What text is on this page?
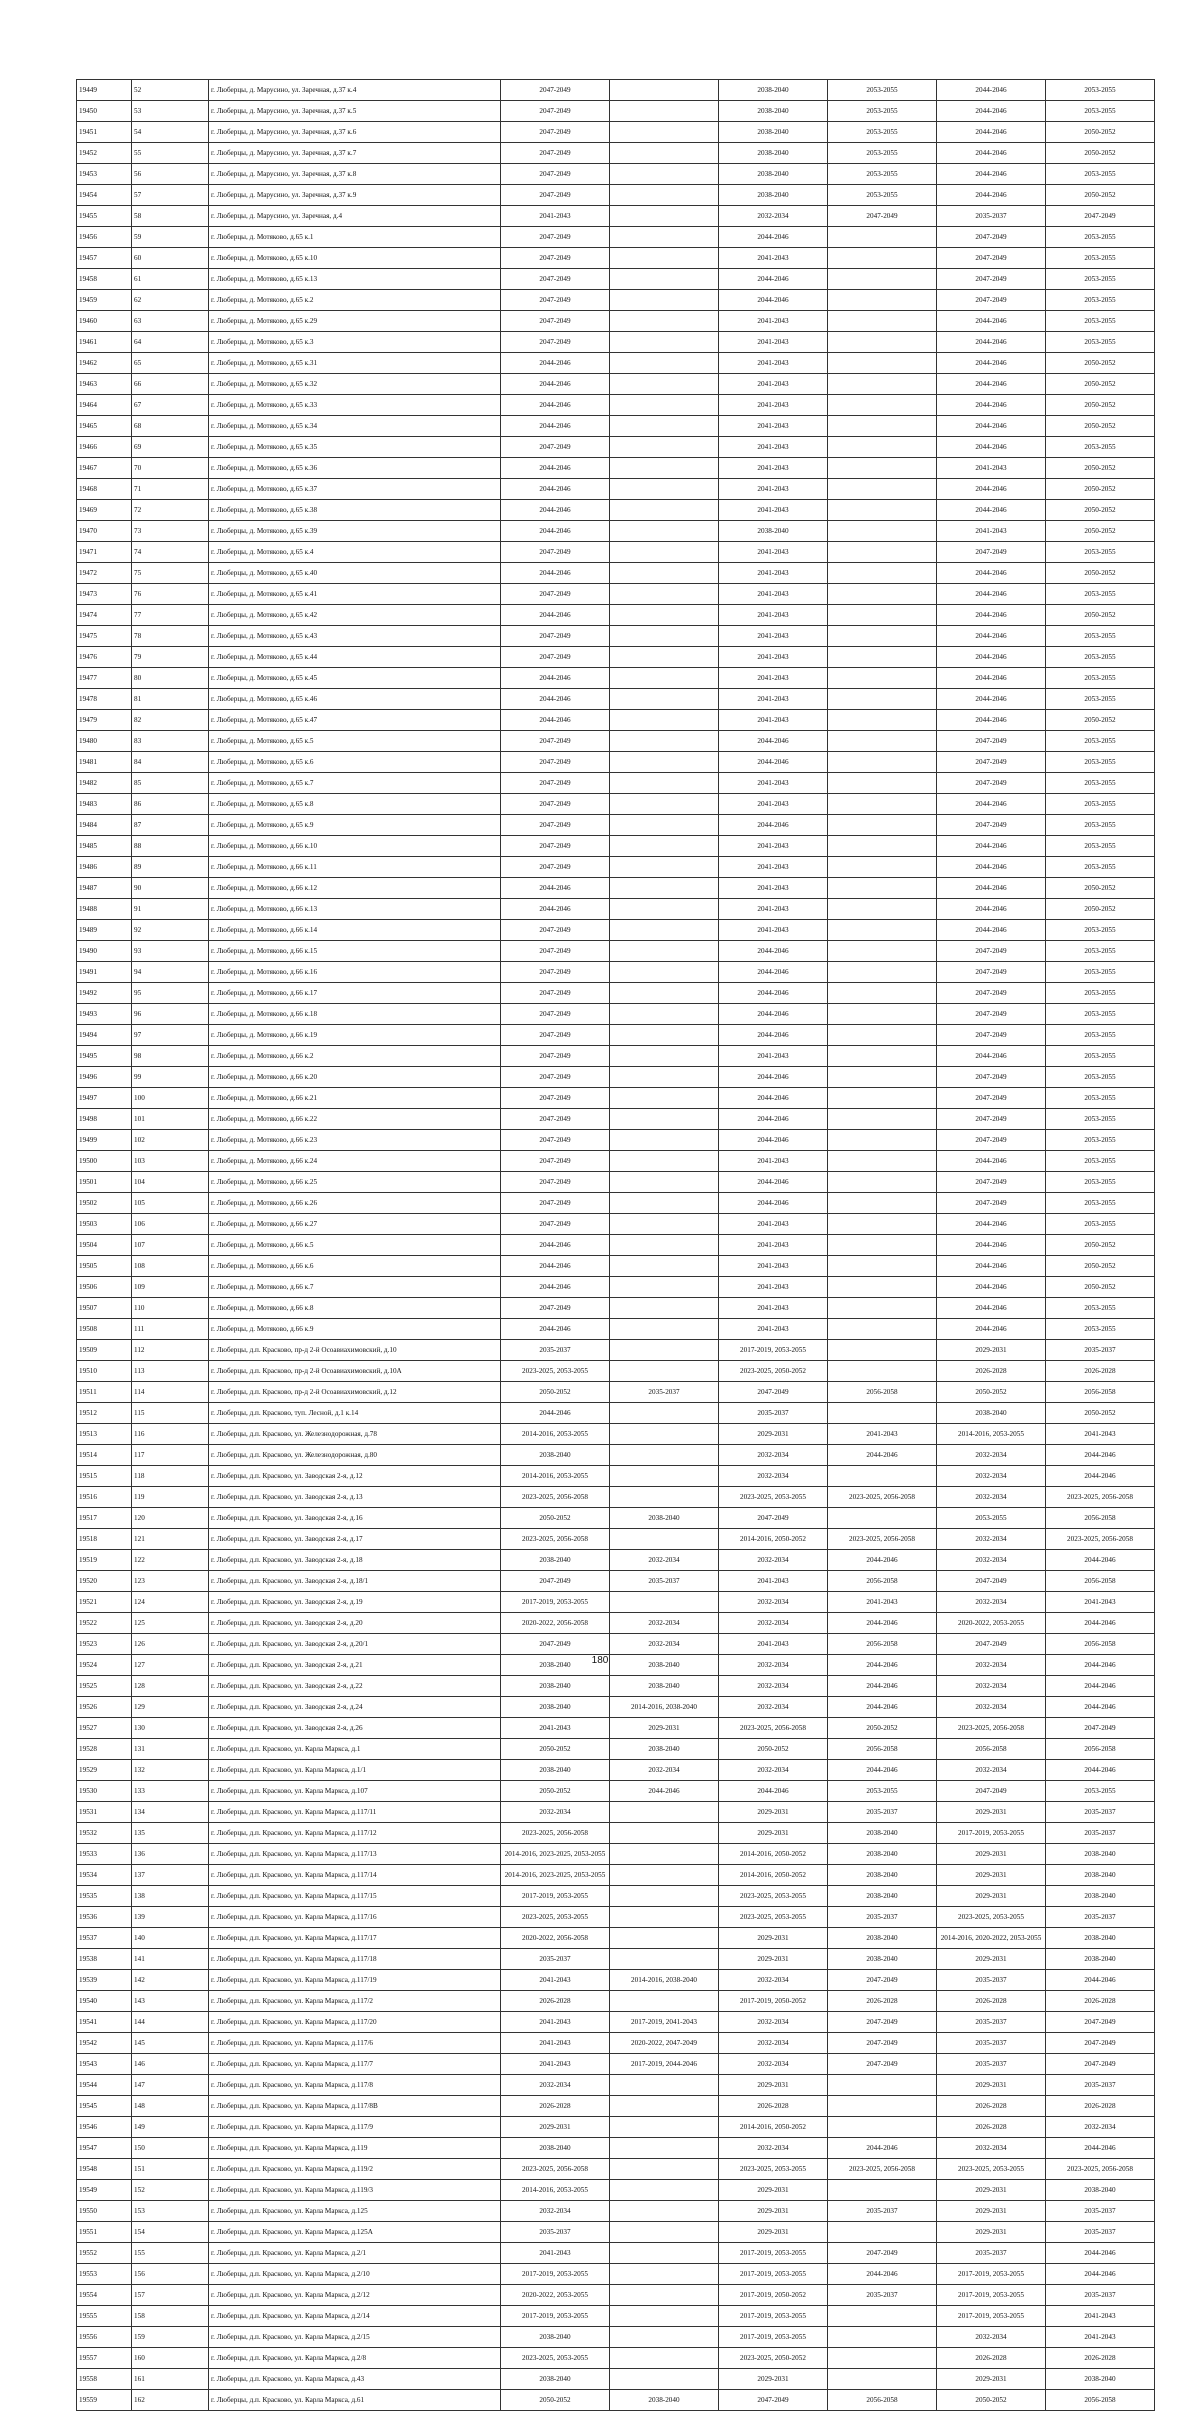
19449	52	г. Люберцы, д. Марусино, ул. Заречная, д.37 к.4	2047-2049		2038-2040	2053-2055	2044-2046	2053-2055
19450	53	г. Люберцы, д. Марусино, ул. Заречная, д.37 к.5	2047-2049		2038-2040	2053-2055	2044-2046	2053-2055
19451	54	г. Люберцы, д. Марусино, ул. Заречная, д.37 к.6	2047-2049		2038-2040	2053-2055	2044-2046	2050-2052
19452	55	г. Люберцы, д. Марусино, ул. Заречная, д.37 к.7	2047-2049		2038-2040	2053-2055	2044-2046	2050-2052
19453	56	г. Люберцы, д. Марусино, ул. Заречная, д.37 к.8	2047-2049		2038-2040	2053-2055	2044-2046	2053-2055
19454	57	г. Люберцы, д. Марусино, ул. Заречная, д.37 к.9	2047-2049		2038-2040	2053-2055	2044-2046	2050-2052
19455	58	г. Люберцы, д. Марусино, ул. Заречная, д.4	2041-2043		2032-2034	2047-2049	2035-2037	2047-2049
19456	59	г. Люберцы, д. Мотяково, д.65 к.1	2047-2049		2044-2046		2047-2049	2053-2055
19457	60	г. Люберцы, д. Мотяково, д.65 к.10	2047-2049		2041-2043		2047-2049	2053-2055
19458	61	г. Люберцы, д. Мотяково, д.65 к.13	2047-2049		2044-2046		2047-2049	2053-2055
19459	62	г. Люберцы, д. Мотяково, д.65 к.2	2047-2049		2044-2046		2047-2049	2053-2055
19460	63	г. Люберцы, д. Мотяково, д.65 к.29	2047-2049		2041-2043		2044-2046	2053-2055
19461	64	г. Люберцы, д. Мотяково, д.65 к.3	2047-2049		2041-2043		2044-2046	2053-2055
19462	65	г. Люберцы, д. Мотяково, д.65 к.31	2044-2046		2041-2043		2044-2046	2050-2052
19463	66	г. Люберцы, д. Мотяково, д.65 к.32	2044-2046		2041-2043		2044-2046	2050-2052
19464	67	г. Люберцы, д. Мотяково, д.65 к.33	2044-2046		2041-2043		2044-2046	2050-2052
19465	68	г. Люберцы, д. Мотяково, д.65 к.34	2044-2046		2041-2043		2044-2046	2050-2052
19466	69	г. Люберцы, д. Мотяково, д.65 к.35	2047-2049		2041-2043		2044-2046	2053-2055
19467	70	г. Люберцы, д. Мотяково, д.65 к.36	2044-2046		2041-2043		2041-2043	2050-2052
19468	71	г. Люберцы, д. Мотяково, д.65 к.37	2044-2046		2041-2043		2044-2046	2050-2052
19469	72	г. Люберцы, д. Мотяково, д.65 к.38	2044-2046		2041-2043		2044-2046	2050-2052
19470	73	г. Люберцы, д. Мотяково, д.65 к.39	2044-2046		2038-2040		2041-2043	2050-2052
19471	74	г. Люберцы, д. Мотяково, д.65 к.4	2047-2049		2041-2043		2047-2049	2053-2055
19472	75	г. Люберцы, д. Мотяково, д.65 к.40	2044-2046		2041-2043		2044-2046	2050-2052
19473	76	г. Люберцы, д. Мотяково, д.65 к.41	2047-2049		2041-2043		2044-2046	2053-2055
19474	77	г. Люберцы, д. Мотяково, д.65 к.42	2044-2046		2041-2043		2044-2046	2050-2052
19475	78	г. Люберцы, д. Мотяково, д.65 к.43	2047-2049		2041-2043		2044-2046	2053-2055
19476	79	г. Люберцы, д. Мотяково, д.65 к.44	2047-2049		2041-2043		2044-2046	2053-2055
19477	80	г. Люберцы, д. Мотяково, д.65 к.45	2044-2046		2041-2043		2044-2046	2053-2055
19478	81	г. Люберцы, д. Мотяково, д.65 к.46	2044-2046		2041-2043		2044-2046	2053-2055
19479	82	г. Люберцы, д. Мотяково, д.65 к.47	2044-2046		2041-2043		2044-2046	2050-2052
19480	83	г. Люберцы, д. Мотяково, д.65 к.5	2047-2049		2044-2046		2047-2049	2053-2055
19481	84	г. Люберцы, д. Мотяково, д.65 к.6	2047-2049		2044-2046		2047-2049	2053-2055
19482	85	г. Люберцы, д. Мотяково, д.65 к.7	2047-2049		2041-2043		2047-2049	2053-2055
19483	86	г. Люберцы, д. Мотяково, д.65 к.8	2047-2049		2041-2043		2044-2046	2053-2055
19484	87	г. Люберцы, д. Мотяково, д.65 к.9	2047-2049		2044-2046		2047-2049	2053-2055
19485	88	г. Люберцы, д. Мотяково, д.66 к.10	2047-2049		2041-2043		2044-2046	2053-2055
19486	89	г. Люберцы, д. Мотяково, д.66 к.11	2047-2049		2041-2043		2044-2046	2053-2055
19487	90	г. Люберцы, д. Мотяково, д.66 к.12	2044-2046		2041-2043		2044-2046	2050-2052
19488	91	г. Люберцы, д. Мотяково, д.66 к.13	2044-2046		2041-2043		2044-2046	2050-2052
19489	92	г. Люберцы, д. Мотяково, д.66 к.14	2047-2049		2041-2043		2044-2046	2053-2055
19490	93	г. Люберцы, д. Мотяково, д.66 к.15	2047-2049		2044-2046		2047-2049	2053-2055
19491	94	г. Люберцы, д. Мотяково, д.66 к.16	2047-2049		2044-2046		2047-2049	2053-2055
19492	95	г. Люберцы, д. Мотяково, д.66 к.17	2047-2049		2044-2046		2047-2049	2053-2055
19493	96	г. Люберцы, д. Мотяково, д.66 к.18	2047-2049		2044-2046		2047-2049	2053-2055
19494	97	г. Люберцы, д. Мотяково, д.66 к.19	2047-2049		2044-2046		2047-2049	2053-2055
19495	98	г. Люберцы, д. Мотяково, д.66 к.2	2047-2049		2041-2043		2044-2046	2053-2055
19496	99	г. Люберцы, д. Мотяково, д.66 к.20	2047-2049		2044-2046		2047-2049	2053-2055
19497	100	г. Люберцы, д. Мотяково, д.66 к.21	2047-2049		2044-2046		2047-2049	2053-2055
19498	101	г. Люберцы, д. Мотяково, д.66 к.22	2047-2049		2044-2046		2047-2049	2053-2055
19499	102	г. Люберцы, д. Мотяково, д.66 к.23	2047-2049		2044-2046		2047-2049	2053-2055
19500	103	г. Люберцы, д. Мотяково, д.66 к.24	2047-2049		2041-2043		2044-2046	2053-2055
19501	104	г. Люберцы, д. Мотяково, д.66 к.25	2047-2049		2044-2046		2047-2049	2053-2055
19502	105	г. Люберцы, д. Мотяково, д.66 к.26	2047-2049		2044-2046		2047-2049	2053-2055
19503	106	г. Люберцы, д. Мотяково, д.66 к.27	2047-2049		2041-2043		2044-2046	2053-2055
19504	107	г. Люберцы, д. Мотяково, д.66 к.5	2044-2046		2041-2043		2044-2046	2050-2052
19505	108	г. Люберцы, д. Мотяково, д.66 к.6	2044-2046		2041-2043		2044-2046	2050-2052
19506	109	г. Люберцы, д. Мотяково, д.66 к.7	2044-2046		2041-2043		2044-2046	2050-2052
19507	110	г. Люберцы, д. Мотяково, д.66 к.8	2047-2049		2041-2043		2044-2046	2053-2055
19508	111	г. Люберцы, д. Мотяково, д.66 к.9	2044-2046		2041-2043		2044-2046	2053-2055
19509	112	г. Люберцы, д.п. Красково, пр-д 2-й Осоавиахимовский, д.10	2035-2037		2017-2019, 2053-2055		2029-2031	2035-2037
19510	113	г. Люберцы, д.п. Красково, пр-д 2-й Осоавиахимовский, д.10А	2023-2025, 2053-2055		2023-2025, 2050-2052		2026-2028	2026-2028
19511	114	г. Люберцы, д.п. Красково, пр-д 2-й Осоавиахимовский, д.12	2050-2052	2035-2037	2047-2049	2056-2058	2050-2052	2056-2058
19512	115	г. Люберцы, д.п. Красково, туп. Лесной, д.1 к.14	2044-2046		2035-2037		2038-2040	2050-2052
19513	116	г. Люберцы, д.п. Красково, ул. Железнодорожная, д.78	2014-2016, 2053-2055		2029-2031	2041-2043	2014-2016, 2053-2055	2041-2043
19514	117	г. Люберцы, д.п. Красково, ул. Железнодорожная, д.80	2038-2040		2032-2034	2044-2046	2032-2034	2044-2046
19515	118	г. Люберцы, д.п. Красково, ул. Заводская 2-я, д.12	2014-2016, 2053-2055		2032-2034		2032-2034	2044-2046
19516	119	г. Люберцы, д.п. Красково, ул. Заводская 2-я, д.13	2023-2025, 2056-2058		2023-2025, 2053-2055	2023-2025, 2056-2058	2032-2034	2023-2025, 2056-2058
19517	120	г. Люберцы, д.п. Красково, ул. Заводская 2-я, д.16	2050-2052	2038-2040	2047-2049		2053-2055	2056-2058
19518	121	г. Люберцы, д.п. Красково, ул. Заводская 2-я, д.17	2023-2025, 2056-2058		2014-2016, 2050-2052	2023-2025, 2056-2058	2032-2034	2023-2025, 2056-2058
19519	122	г. Люберцы, д.п. Красково, ул. Заводская 2-я, д.18	2038-2040	2032-2034	2032-2034	2044-2046	2032-2034	2044-2046
19520	123	г. Люберцы, д.п. Красково, ул. Заводская 2-я, д.18/1	2047-2049	2035-2037	2041-2043	2056-2058	2047-2049	2056-2058
19521	124	г. Люберцы, д.п. Красково, ул. Заводская 2-я, д.19	2017-2019, 2053-2055		2032-2034	2041-2043	2032-2034	2041-2043
19522	125	г. Люберцы, д.п. Красково, ул. Заводская 2-я, д.20	2020-2022, 2056-2058	2032-2034	2032-2034	2044-2046	2020-2022, 2053-2055	2044-2046
19523	126	г. Люберцы, д.п. Красково, ул. Заводская 2-я, д.20/1	2047-2049	2032-2034	2041-2043	2056-2058	2047-2049	2056-2058
19524	127	г. Люберцы, д.п. Красково, ул. Заводская 2-я, д.21	2038-2040	2038-2040	2032-2034	2044-2046	2032-2034	2044-2046
19525	128	г. Люберцы, д.п. Красково, ул. Заводская 2-я, д.22	2038-2040	2038-2040	2032-2034	2044-2046	2032-2034	2044-2046
19526	129	г. Люберцы, д.п. Красково, ул. Заводская 2-я, д.24	2038-2040	2014-2016, 2038-2040	2032-2034	2044-2046	2032-2034	2044-2046
19527	130	г. Люберцы, д.п. Красково, ул. Заводская 2-я, д.26	2041-2043	2029-2031	2023-2025, 2056-2058	2050-2052	2023-2025, 2056-2058	2047-2049
19528	131	г. Люберцы, д.п. Красково, ул. Карла Маркса, д.1	2050-2052	2038-2040	2050-2052	2056-2058	2056-2058	2056-2058
19529	132	г. Люберцы, д.п. Красково, ул. Карла Маркса, д.1/1	2038-2040	2032-2034	2032-2034	2044-2046	2032-2034	2044-2046
19530	133	г. Люберцы, д.п. Красково, ул. Карла Маркса, д.107	2050-2052	2044-2046	2044-2046	2053-2055	2047-2049	2053-2055
19531	134	г. Люберцы, д.п. Красково, ул. Карла Маркса, д.117/11	2032-2034		2029-2031	2035-2037	2029-2031	2035-2037
19532	135	г. Люберцы, д.п. Красково, ул. Карла Маркса, д.117/12	2023-2025, 2056-2058		2029-2031	2038-2040	2017-2019, 2053-2055	2035-2037
19533	136	г. Люберцы, д.п. Красково, ул. Карла Маркса, д.117/13	2014-2016, 2023-2025, 2053-2055		2014-2016, 2050-2052	2038-2040	2029-2031	2038-2040
19534	137	г. Люберцы, д.п. Красково, ул. Карла Маркса, д.117/14	2014-2016, 2023-2025, 2053-2055		2014-2016, 2050-2052	2038-2040	2029-2031	2038-2040
19535	138	г. Люберцы, д.п. Красково, ул. Карла Маркса, д.117/15	2017-2019, 2053-2055		2023-2025, 2053-2055	2038-2040	2029-2031	2038-2040
19536	139	г. Люберцы, д.п. Красково, ул. Карла Маркса, д.117/16	2023-2025, 2053-2055		2023-2025, 2053-2055	2035-2037	2023-2025, 2053-2055	2035-2037
19537	140	г. Люберцы, д.п. Красково, ул. Карла Маркса, д.117/17	2020-2022, 2056-2058		2029-2031	2038-2040	2014-2016, 2020-2022, 2053-2055	2038-2040
19538	141	г. Люберцы, д.п. Красково, ул. Карла Маркса, д.117/18	2035-2037		2029-2031	2038-2040	2029-2031	2038-2040
19539	142	г. Люберцы, д.п. Красково, ул. Карла Маркса, д.117/19	2041-2043	2014-2016, 2038-2040	2032-2034	2047-2049	2035-2037	2044-2046
19540	143	г. Люберцы, д.п. Красково, ул. Карла Маркса, д.117/2	2026-2028		2017-2019, 2050-2052	2026-2028	2026-2028	2026-2028
19541	144	г. Люберцы, д.п. Красково, ул. Карла Маркса, д.117/20	2041-2043	2017-2019, 2041-2043	2032-2034	2047-2049	2035-2037	2047-2049
19542	145	г. Люберцы, д.п. Красково, ул. Карла Маркса, д.117/6	2041-2043	2020-2022, 2047-2049	2032-2034	2047-2049	2035-2037	2047-2049
19543	146	г. Люберцы, д.п. Красково, ул. Карла Маркса, д.117/7	2041-2043	2017-2019, 2044-2046	2032-2034	2047-2049	2035-2037	2047-2049
19544	147	г. Люберцы, д.п. Красково, ул. Карла Маркса, д.117/8	2032-2034		2029-2031		2029-2031	2035-2037
19545	148	г. Люберцы, д.п. Красково, ул. Карла Маркса, д.117/8В	2026-2028		2026-2028		2026-2028	2026-2028
19546	149	г. Люберцы, д.п. Красково, ул. Карла Маркса, д.117/9	2029-2031		2014-2016, 2050-2052		2026-2028	2032-2034
19547	150	г. Люберцы, д.п. Красково, ул. Карла Маркса, д.119	2038-2040		2032-2034	2044-2046	2032-2034	2044-2046
19548	151	г. Люберцы, д.п. Красково, ул. Карла Маркса, д.119/2	2023-2025, 2056-2058		2023-2025, 2053-2055	2023-2025, 2056-2058	2023-2025, 2053-2055	2023-2025, 2056-2058
19549	152	г. Люберцы, д.п. Красково, ул. Карла Маркса, д.119/3	2014-2016, 2053-2055		2029-2031		2029-2031	2038-2040
19550	153	г. Люберцы, д.п. Красково, ул. Карла Маркса, д.125	2032-2034		2029-2031	2035-2037	2029-2031	2035-2037
19551	154	г. Люберцы, д.п. Красково, ул. Карла Маркса, д.125А	2035-2037		2029-2031		2029-2031	2035-2037
19552	155	г. Люберцы, д.п. Красково, ул. Карла Маркса, д.2/1	2041-2043		2017-2019, 2053-2055	2047-2049	2035-2037	2044-2046
19553	156	г. Люберцы, д.п. Красково, ул. Карла Маркса, д.2/10	2017-2019, 2053-2055		2017-2019, 2053-2055	2044-2046	2017-2019, 2053-2055	2044-2046
19554	157	г. Люберцы, д.п. Красково, ул. Карла Маркса, д.2/12	2020-2022, 2053-2055		2017-2019, 2050-2052	2035-2037	2017-2019, 2053-2055	2035-2037
19555	158	г. Люберцы, д.п. Красково, ул. Карла Маркса, д.2/14	2017-2019, 2053-2055		2017-2019, 2053-2055		2017-2019, 2053-2055	2041-2043
19556	159	г. Люберцы, д.п. Красково, ул. Карла Маркса, д.2/15	2038-2040		2017-2019, 2053-2055		2032-2034	2041-2043
19557	160	г. Люберцы, д.п. Красково, ул. Карла Маркса, д.2/8	2023-2025, 2053-2055		2023-2025, 2050-2052		2026-2028	2026-2028
19558	161	г. Люберцы, д.п. Красково, ул. Карла Маркса, д.43	2038-2040		2029-2031		2029-2031	2038-2040
19559	162	г. Люберцы, д.п. Красково, ул. Карла Маркса, д.61	2050-2052	2038-2040	2047-2049	2056-2058	2050-2052	2056-2058
180
